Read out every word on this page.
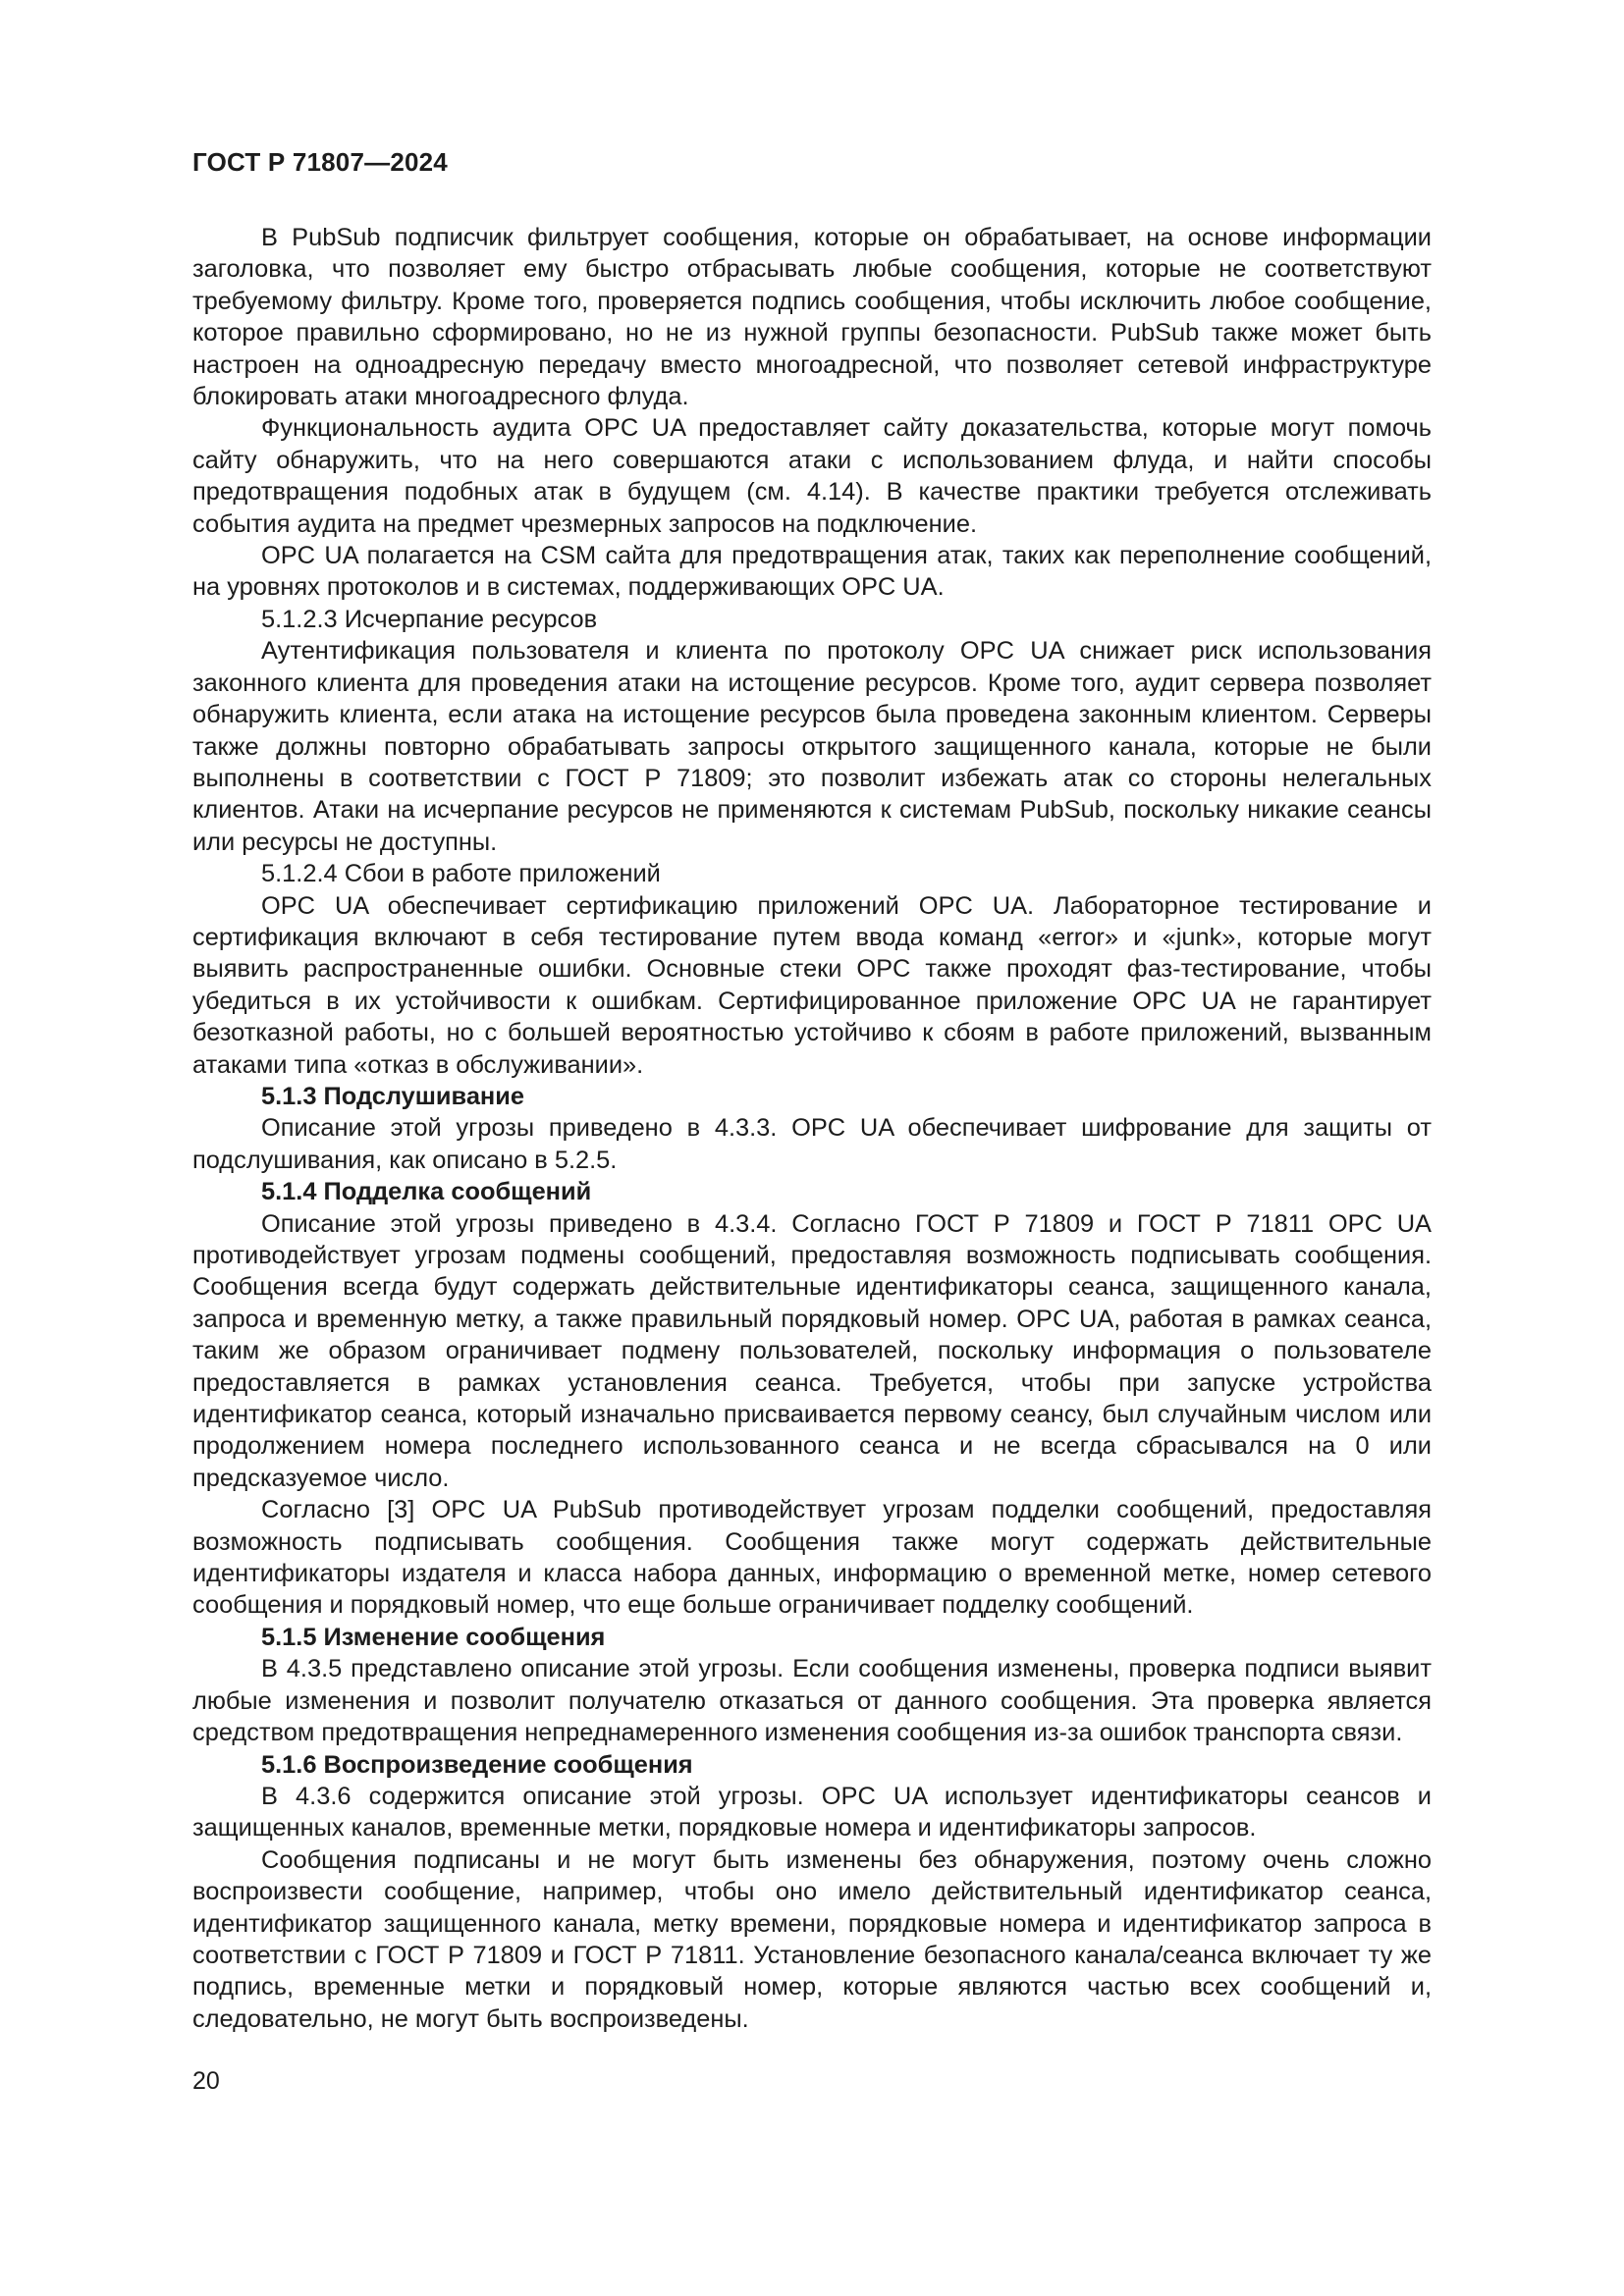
ГОСТ Р 71807—2024

В PubSub подписчик фильтрует сообщения, которые он обрабатывает, на основе информации заголовка, что позволяет ему быстро отбрасывать любые сообщения, которые не соответствуют требуемому фильтру. Кроме того, проверяется подпись сообщения, чтобы исключить любое сообщение, которое правильно сформировано, но не из нужной группы безопасности. PubSub также может быть настроен на одноадресную передачу вместо многоадресной, что позволяет сетевой инфраструктуре блокировать атаки многоадресного флуда.

Функциональность аудита OPC UA предоставляет сайту доказательства, которые могут помочь сайту обнаружить, что на него совершаются атаки с использованием флуда, и найти способы предотвращения подобных атак в будущем (см. 4.14). В качестве практики требуется отслеживать события аудита на предмет чрезмерных запросов на подключение.

OPC UA полагается на CSM сайта для предотвращения атак, таких как переполнение сообщений, на уровнях протоколов и в системах, поддерживающих OPC UA.

5.1.2.3 Исчерпание ресурсов

Аутентификация пользователя и клиента по протоколу OPC UA снижает риск использования законного клиента для проведения атаки на истощение ресурсов. Кроме того, аудит сервера позволяет обнаружить клиента, если атака на истощение ресурсов была проведена законным клиентом. Серверы также должны повторно обрабатывать запросы открытого защищенного канала, которые не были выполнены в соответствии с ГОСТ Р 71809; это позволит избежать атак со стороны нелегальных клиентов. Атаки на исчерпание ресурсов не применяются к системам PubSub, поскольку никакие сеансы или ресурсы не доступны.

5.1.2.4 Сбои в работе приложений

OPC UA обеспечивает сертификацию приложений OPC UA. Лабораторное тестирование и сертификация включают в себя тестирование путем ввода команд «error» и «junk», которые могут выявить распространенные ошибки. Основные стеки OPC также проходят фаз-тестирование, чтобы убедиться в их устойчивости к ошибкам. Сертифицированное приложение OPC UA не гарантирует безотказной работы, но с большей вероятностью устойчиво к сбоям в работе приложений, вызванным атаками типа «отказ в обслуживании».

5.1.3 Подслушивание

Описание этой угрозы приведено в 4.3.3. OPC UA обеспечивает шифрование для защиты от подслушивания, как описано в 5.2.5.

5.1.4 Подделка сообщений

Описание этой угрозы приведено в 4.3.4. Согласно ГОСТ Р 71809 и ГОСТ Р 71811 OPC UA противодействует угрозам подмены сообщений, предоставляя возможность подписывать сообщения. Сообщения всегда будут содержать действительные идентификаторы сеанса, защищенного канала, запроса и временную метку, а также правильный порядковый номер. OPC UA, работая в рамках сеанса, таким же образом ограничивает подмену пользователей, поскольку информация о пользователе предоставляется в рамках установления сеанса. Требуется, чтобы при запуске устройства идентификатор сеанса, который изначально присваивается первому сеансу, был случайным числом или продолжением номера последнего использованного сеанса и не всегда сбрасывался на 0 или предсказуемое число.

Согласно [3] OPC UA PubSub противодействует угрозам подделки сообщений, предоставляя возможность подписывать сообщения. Сообщения также могут содержать действительные идентификаторы издателя и класса набора данных, информацию о временной метке, номер сетевого сообщения и порядковый номер, что еще больше ограничивает подделку сообщений.

5.1.5 Изменение сообщения

В 4.3.5 представлено описание этой угрозы. Если сообщения изменены, проверка подписи выявит любые изменения и позволит получателю отказаться от данного сообщения. Эта проверка является средством предотвращения непреднамеренного изменения сообщения из-за ошибок транспорта связи.

5.1.6 Воспроизведение сообщения

В 4.3.6 содержится описание этой угрозы. OPC UA использует идентификаторы сеансов и защищенных каналов, временные метки, порядковые номера и идентификаторы запросов.

Сообщения подписаны и не могут быть изменены без обнаружения, поэтому очень сложно воспроизвести сообщение, например, чтобы оно имело действительный идентификатор сеанса, идентификатор защищенного канала, метку времени, порядковые номера и идентификатор запроса в соответствии с ГОСТ Р 71809 и ГОСТ Р 71811. Установление безопасного канала/сеанса включает ту же подпись, временные метки и порядковый номер, которые являются частью всех сообщений и, следовательно, не могут быть воспроизведены.

20
